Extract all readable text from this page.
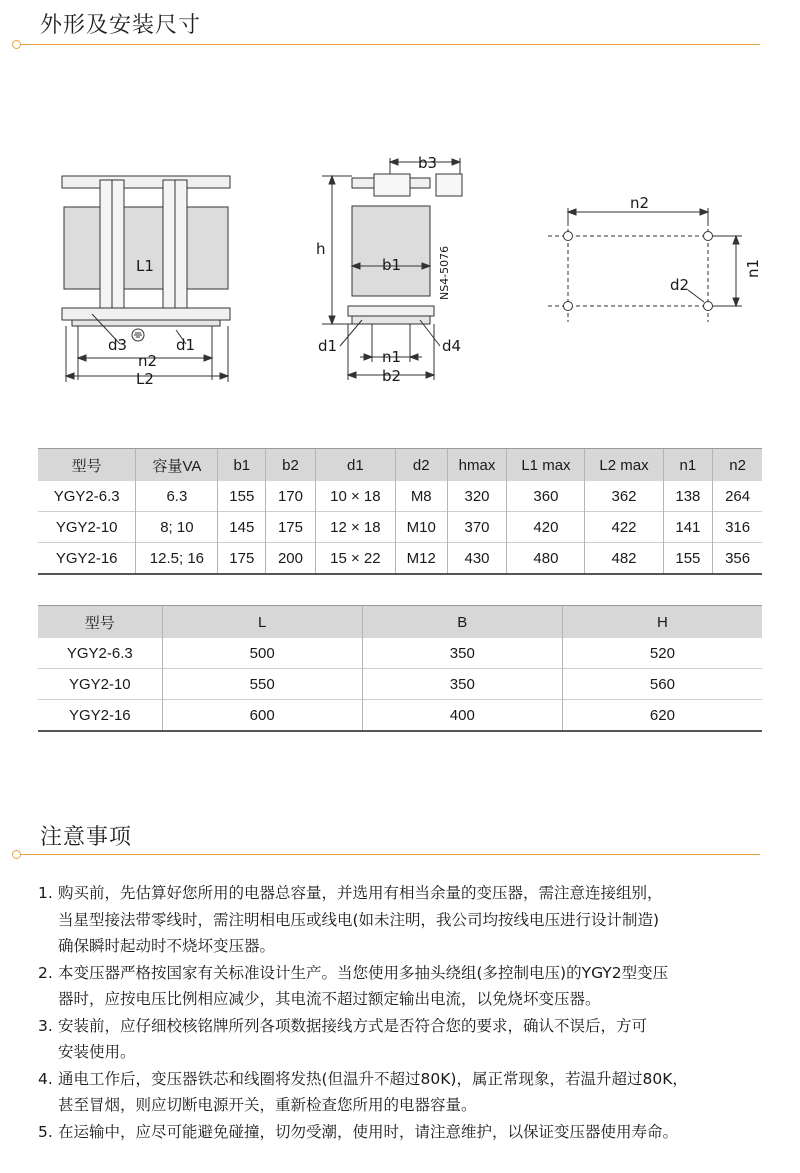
外形及安装尺寸
L1
d3	d1
n2
L2
b3
h
b1	NS4-5076
d1	d4
n1
b2
n2
n1
d2
型号	容量VA	b1	b2	d1	d2	hmax	L1 max	L2 max	n1	n2
YGY2-6.3	6.3	155	170	10 × 18	M8	320	360	362	138	264
YGY2-10	8; 10	145	175	12 × 18	M10	370	420	422	141	316
YGY2-16	12.5; 16	175	200	15 × 22	M12	430	480	482	155	356
型号	L	B	H
YGY2-6.3	500	350	520
YGY2-10	550	350	560
YGY2-16	600	400	620
注意事项
1. 购买前，先估算好您所用的电器总容量，并选用有相当余量的变压器，需注意连接组别，
当星型接法带零线时，需注明相电压或线电(如未注明，我公司均按线电压进行设计制造)
确保瞬时起动时不烧坏变压器。
2. 本变压器严格按国家有关标准设计生产。当您使用多抽头绕组(多控制电压)的YGY2型变压
器时，应按电压比例相应减少，其电流不超过额定输出电流，以免烧坏变压器。
3. 安装前，应仔细校核铭牌所列各项数据接线方式是否符合您的要求，确认不误后，方可
安装使用。
4. 通电工作后，变压器铁芯和线圈将发热(但温升不超过80K)，属正常现象，若温升超过80K，
甚至冒烟，则应切断电源开关，重新检查您所用的电器容量。
5. 在运输中，应尽可能避免碰撞，切勿受潮，使用时，请注意维护，以保证变压器使用寿命。
